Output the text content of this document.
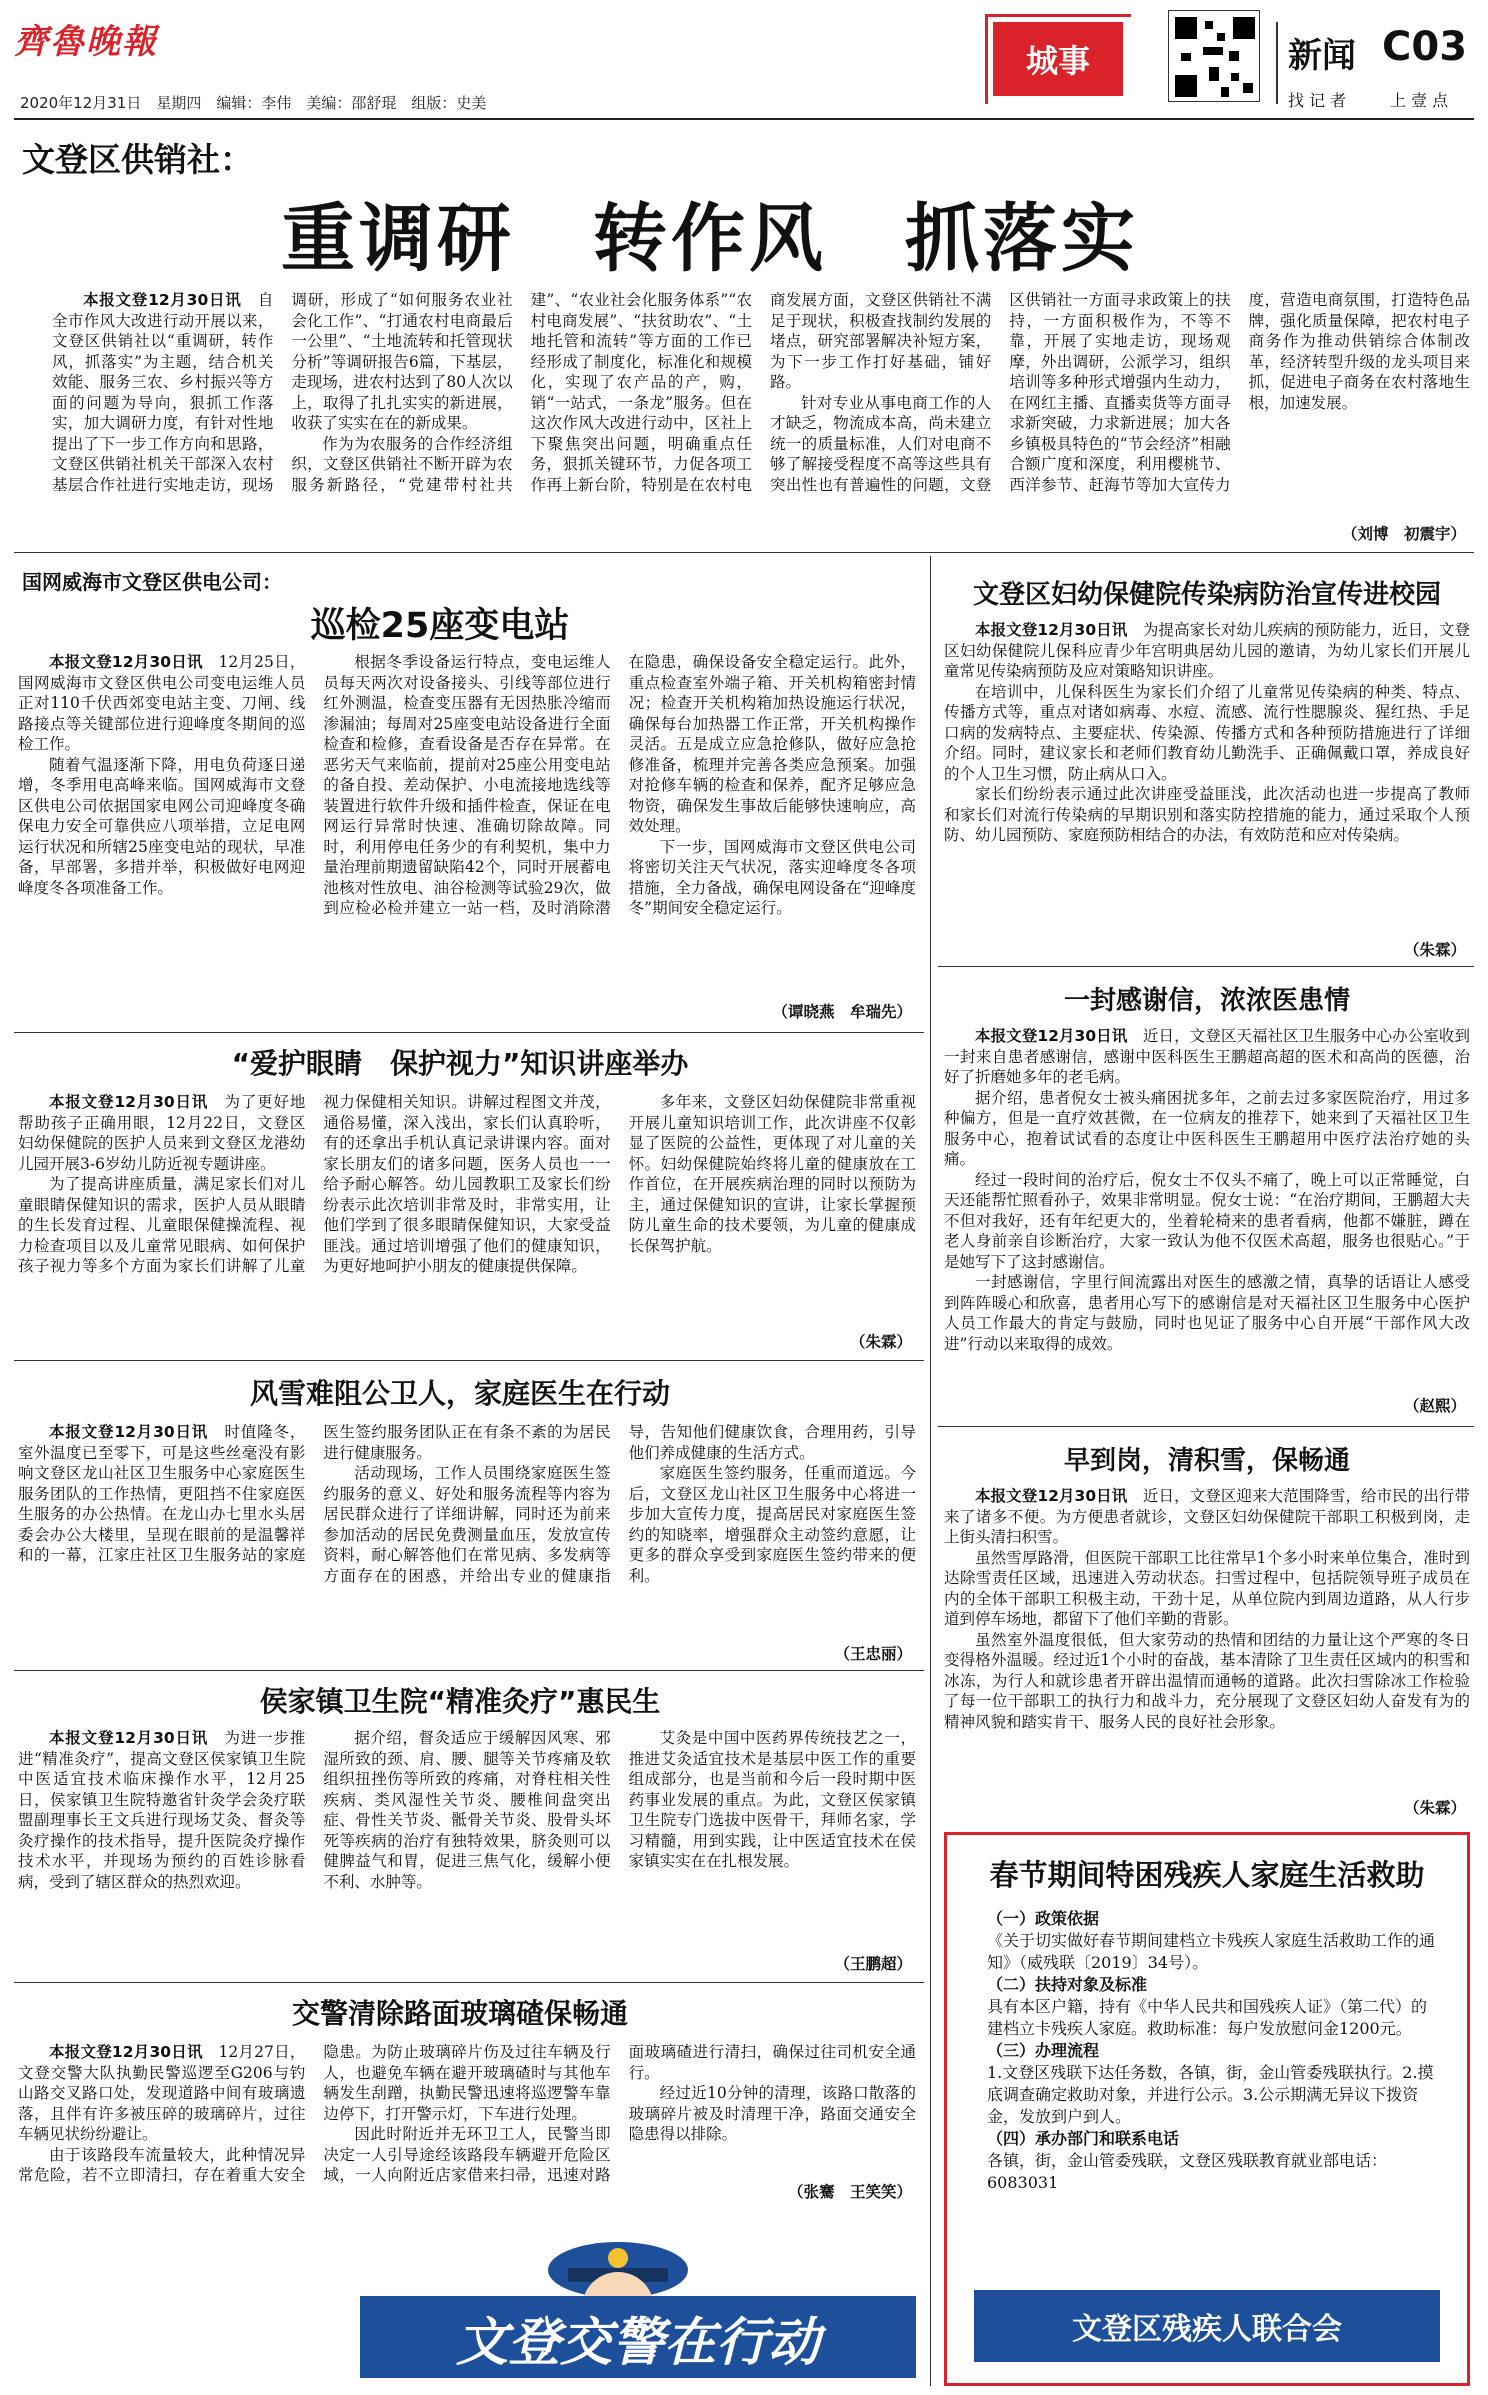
齊魯晚報
2020年12月31日　星期四　编辑：李伟　美编：邵舒琨　组版：史美
城事	新闻 C03
找 记 者	上 壹 点
文登区供销社：
重调研　转作风　抓落实

本报文登12月30日讯　自全市作风大改进行动开展以来，文登区供销社以“重调研，转作风，抓落实”为主题，结合机关效能、服务三农、乡村振兴等方面的问题为导向，狠抓工作落实，加大调研力度，有针对性地提出了下一步工作方向和思路，文登区供销社机关干部深入农村基层合作社进行实地走访，现场调研，形成了“如何服务农业社会化工作”、“打通农村电商最后一公里”、“土地流转和托管现状分析”等调研报告6篇，下基层，走现场，进农村达到了80人次以上，取得了扎扎实实的新进展，收获了实实在在的新成果。

作为为农服务的合作经济组织，文登区供销社不断开辟为农服务新路径，“党建带村社共建”、“农业社会化服务体系”“农村电商发展”、“扶贫助农”、“土地托管和流转”等方面的工作已经形成了制度化，标准化和规模化，实现了农产品的产，购，销“一站式，一条龙”服务。但在这次作风大改进行动中，区社上下聚焦突出问题，明确重点任务，狠抓关键环节，力促各项工作再上新台阶，特别是在农村电商发展方面，文登区供销社不满足于现状，积极查找制约发展的堵点，研究部署解决补短方案，为下一步工作打好基础，铺好路。

针对专业从事电商工作的人才缺乏，物流成本高，尚未建立统一的质量标准，人们对电商不够了解接受程度不高等这些具有突出性也有普遍性的问题，文登区供销社一方面寻求政策上的扶持，一方面积极作为，不等不靠，开展了实地走访，现场观摩，外出调研，公派学习，组织培训等多种形式增强内生动力，在网红主播、直播卖货等方面寻求新突破，力求新进展；加大各乡镇极具特色的“节会经济”相融合额广度和深度，利用樱桃节、西洋参节、赶海节等加大宣传力度，营造电商氛围，打造特色品牌，强化质量保障，把农村电子商务作为推动供销综合体制改革，经济转型升级的龙头项目来抓，促进电子商务在农村落地生根，加速发展。

（刘博　初震宇）
国网威海市文登区供电公司：
巡检25座变电站

本报文登12月30日讯　12月25日，国网威海市文登区供电公司变电运维人员正对110千伏西郊变电站主变、刀闸、线路接点等关键部位进行迎峰度冬期间的巡检工作。

随着气温逐渐下降，用电负荷逐日递增，冬季用电高峰来临。国网威海市文登区供电公司依据国家电网公司迎峰度冬确保电力安全可靠供应八项举措，立足电网运行状况和所辖25座变电站的现状，早准备，早部署，多措并举，积极做好电网迎峰度冬各项准备工作。

根据冬季设备运行特点，变电运维人员每天两次对设备接头、引线等部位进行红外测温，检查变压器有无因热胀冷缩而渗漏油；每周对25座变电站设备进行全面检查和检修，查看设备是否存在异常。在恶劣天气来临前，提前对25座公用变电站的备自投、差动保护、小电流接地选线等装置进行软件升级和插件检查，保证在电网运行异常时快速、准确切除故障。同时，利用停电任务少的有利契机，集中力量治理前期遗留缺陷42个，同时开展蓄电池核对性放电、油谷检测等试验29次，做到应检必检并建立一站一档，及时消除潜在隐患，确保设备安全稳定运行。此外，重点检查室外端子箱、开关机构箱密封情况；检查开关机构箱加热设施运行状况，确保每台加热器工作正常，开关机构操作灵活。五是成立应急抢修队，做好应急抢修准备，梳理并完善各类应急预案。加强对抢修车辆的检查和保养，配齐足够应急物资，确保发生事故后能够快速响应，高效处理。

下一步，国网威海市文登区供电公司将密切关注天气状况，落实迎峰度冬各项措施，全力备战，确保电网设备在“迎峰度冬”期间安全稳定运行。

（谭晓燕　牟瑞先）
“爱护眼睛　保护视力”知识讲座举办

本报文登12月30日讯　为了更好地帮助孩子正确用眼，12月22日，文登区妇幼保健院的医护人员来到文登区龙港幼儿园开展3-6岁幼儿防近视专题讲座。

为了提高讲座质量，满足家长们对儿童眼睛保健知识的需求，医护人员从眼睛的生长发育过程、儿童眼保健操流程、视力检查项目以及儿童常见眼病、如何保护孩子视力等多个方面为家长们讲解了儿童视力保健相关知识。讲解过程图文并茂，通俗易懂，深入浅出，家长们认真聆听，有的还拿出手机认真记录讲课内容。面对家长朋友们的诸多问题，医务人员也一一给予耐心解答。幼儿园教职工及家长们纷纷表示此次培训非常及时，非常实用，让他们学到了很多眼睛保健知识，大家受益匪浅。通过培训增强了他们的健康知识，为更好地呵护小朋友的健康提供保障。

多年来，文登区妇幼保健院非常重视开展儿童知识培训工作，此次讲座不仅彰显了医院的公益性，更体现了对儿童的关怀。妇幼保健院始终将儿童的健康放在工作首位，在开展疾病治理的同时以预防为主，通过保健知识的宣讲，让家长掌握预防儿童生命的技术要领，为儿童的健康成长保驾护航。

（朱霖）
风雪难阻公卫人，家庭医生在行动

本报文登12月30日讯　时值隆冬，室外温度已至零下，可是这些丝毫没有影响文登区龙山社区卫生服务中心家庭医生服务团队的工作热情，更阻挡不住家庭医生服务的办公热情。在龙山办七里水头居委会办公大楼里，呈现在眼前的是温馨祥和的一幕，江家庄社区卫生服务站的家庭医生签约服务团队正在有条不紊的为居民进行健康服务。

活动现场，工作人员围绕家庭医生签约服务的意义、好处和服务流程等内容为居民群众进行了详细讲解，同时还为前来参加活动的居民免费测量血压，发放宣传资料，耐心解答他们在常见病、多发病等方面存在的困惑，并给出专业的健康指导，告知他们健康饮食，合理用药，引导他们养成健康的生活方式。

家庭医生签约服务，任重而道远。今后，文登区龙山社区卫生服务中心将进一步加大宣传力度，提高居民对家庭医生签约的知晓率，增强群众主动签约意愿，让更多的群众享受到家庭医生签约带来的便利。

（王忠丽）
侯家镇卫生院“精准灸疗”惠民生

本报文登12月30日讯　为进一步推进“精准灸疗”，提高文登区侯家镇卫生院中医适宜技术临床操作水平，12月25日，侯家镇卫生院特邀省针灸学会灸疗联盟副理事长王文兵进行现场艾灸、督灸等灸疗操作的技术指导，提升医院灸疗操作技术水平，并现场为预约的百姓诊脉看病，受到了辖区群众的热烈欢迎。

据介绍，督灸适应于缓解因风寒、邪湿所致的颈、肩、腰、腿等关节疼痛及软组织扭挫伤等所致的疼痛，对脊柱相关性疾病、类风湿性关节炎、腰椎间盘突出症、骨性关节炎、骶骨关节炎、股骨头坏死等疾病的治疗有独特效果，脐灸则可以健脾益气和胃，促进三焦气化，缓解小便不利、水肿等。

艾灸是中国中医药界传统技艺之一，推进艾灸适宜技术是基层中医工作的重要组成部分，也是当前和今后一段时期中医药事业发展的重点。为此，文登区侯家镇卫生院专门选拔中医骨干，拜师名家，学习精髓，用到实践，让中医适宜技术在侯家镇实实在在扎根发展。

（王鹏超）
交警清除路面玻璃碴保畅通

本报文登12月30日讯　12月27日，文登交警大队执勤民警巡逻至G206与钓山路交叉路口处，发现道路中间有玻璃遗落，且伴有许多被压碎的玻璃碎片，过往车辆见状纷纷避让。

由于该路段车流量较大，此种情况异常危险，若不立即清扫，存在着重大安全隐患。为防止玻璃碎片伤及过往车辆及行人，也避免车辆在避开玻璃碴时与其他车辆发生刮蹭，执勤民警迅速将巡逻警车靠边停下，打开警示灯，下车进行处理。

因此时附近并无环卫工人，民警当即决定一人引导途经该路段车辆避开危险区域，一人向附近店家借来扫帚，迅速对路面玻璃碴进行清扫，确保过往司机安全通行。

经过近10分钟的清理，该路口散落的玻璃碎片被及时清理干净，路面交通安全隐患得以排除。

（张騫　王笑笑）
文登交警在行动
文登区妇幼保健院传染病防治宣传进校园

本报文登12月30日讯　为提高家长对幼儿疾病的预防能力，近日，文登区妇幼保健院儿保科应青少年宫明典居幼儿园的邀请，为幼儿家长们开展儿童常见传染病预防及应对策略知识讲座。

在培训中，儿保科医生为家长们介绍了儿童常见传染病的种类、特点、传播方式等，重点对诸如病毒、水痘、流感、流行性腮腺炎、猩红热、手足口病的发病特点、主要症状、传染源、传播方式和各种预防措施进行了详细介绍。同时，建议家长和老师们教育幼儿勤洗手、正确佩戴口罩，养成良好的个人卫生习惯，防止病从口入。

家长们纷纷表示通过此次讲座受益匪浅，此次活动也进一步提高了教师和家长们对流行传染病的早期识别和落实防控措施的能力，通过采取个人预防、幼儿园预防、家庭预防相结合的办法，有效防范和应对传染病。

（朱霖）
一封感谢信，浓浓医患情

本报文登12月30日讯　近日，文登区天福社区卫生服务中心办公室收到一封来自患者感谢信，感谢中医科医生王鹏超高超的医术和高尚的医德，治好了折磨她多年的老毛病。

据介绍，患者倪女士被头痛困扰多年，之前去过多家医院治疗，用过多种偏方，但是一直疗效甚微，在一位病友的推荐下，她来到了天福社区卫生服务中心，抱着试试看的态度让中医科医生王鹏超用中医疗法治疗她的头痛。

经过一段时间的治疗后，倪女士不仅头不痛了，晚上可以正常睡觉，白天还能帮忙照看孙子，效果非常明显。倪女士说：“在治疗期间，王鹏超大夫不但对我好，还有年纪更大的，坐着轮椅来的患者看病，他都不嫌脏，蹲在老人身前亲自诊断治疗，大家一致认为他不仅医术高超，服务也很贴心。”于是她写下了这封感谢信。

一封感谢信，字里行间流露出对医生的感激之情，真挚的话语让人感受到阵阵暖心和欣喜，患者用心写下的感谢信是对天福社区卫生服务中心医护人员工作最大的肯定与鼓励，同时也见证了服务中心自开展“干部作风大改进”行动以来取得的成效。

（赵熙）
早到岗，清积雪，保畅通

本报文登12月30日讯　近日，文登区迎来大范围降雪，给市民的出行带来了诸多不便。为方便患者就诊，文登区妇幼保健院干部职工积极到岗，走上街头清扫积雪。

虽然雪厚路滑，但医院干部职工比往常早1个多小时来单位集合，准时到达除雪责任区域，迅速进入劳动状态。扫雪过程中，包括院领导班子成员在内的全体干部职工积极主动，干劲十足，从单位院内到周边道路，从人行步道到停车场地，都留下了他们辛勤的背影。

虽然室外温度很低，但大家劳动的热情和团结的力量让这个严寒的冬日变得格外温暖。经过近1个小时的奋战，基本清除了卫生责任区域内的积雪和冰冻，为行人和就诊患者开辟出温情而通畅的道路。此次扫雪除冰工作检验了每一位干部职工的执行力和战斗力，充分展现了文登区妇幼人奋发有为的精神风貌和踏实肯干、服务人民的良好社会形象。

（朱霖）
春节期间特困残疾人家庭生活救助
（一）政策依据
《关于切实做好春节期间建档立卡残疾人家庭生活救助工作的通知》（威残联〔2019〕34号）。
（二）扶持对象及标准
具有本区户籍，持有《中华人民共和国残疾人证》（第二代）的建档立卡残疾人家庭。救助标准：每户发放慰问金1200元。
（三）办理流程
1.文登区残联下达任务数，各镇，街，金山管委残联执行。2.摸底调查确定救助对象，并进行公示。3.公示期满无异议下拨资金，发放到户到人。
（四）承办部门和联系电话
各镇，街，金山管委残联，文登区残联教育就业部电话：6083031
文登区残疾人联合会
